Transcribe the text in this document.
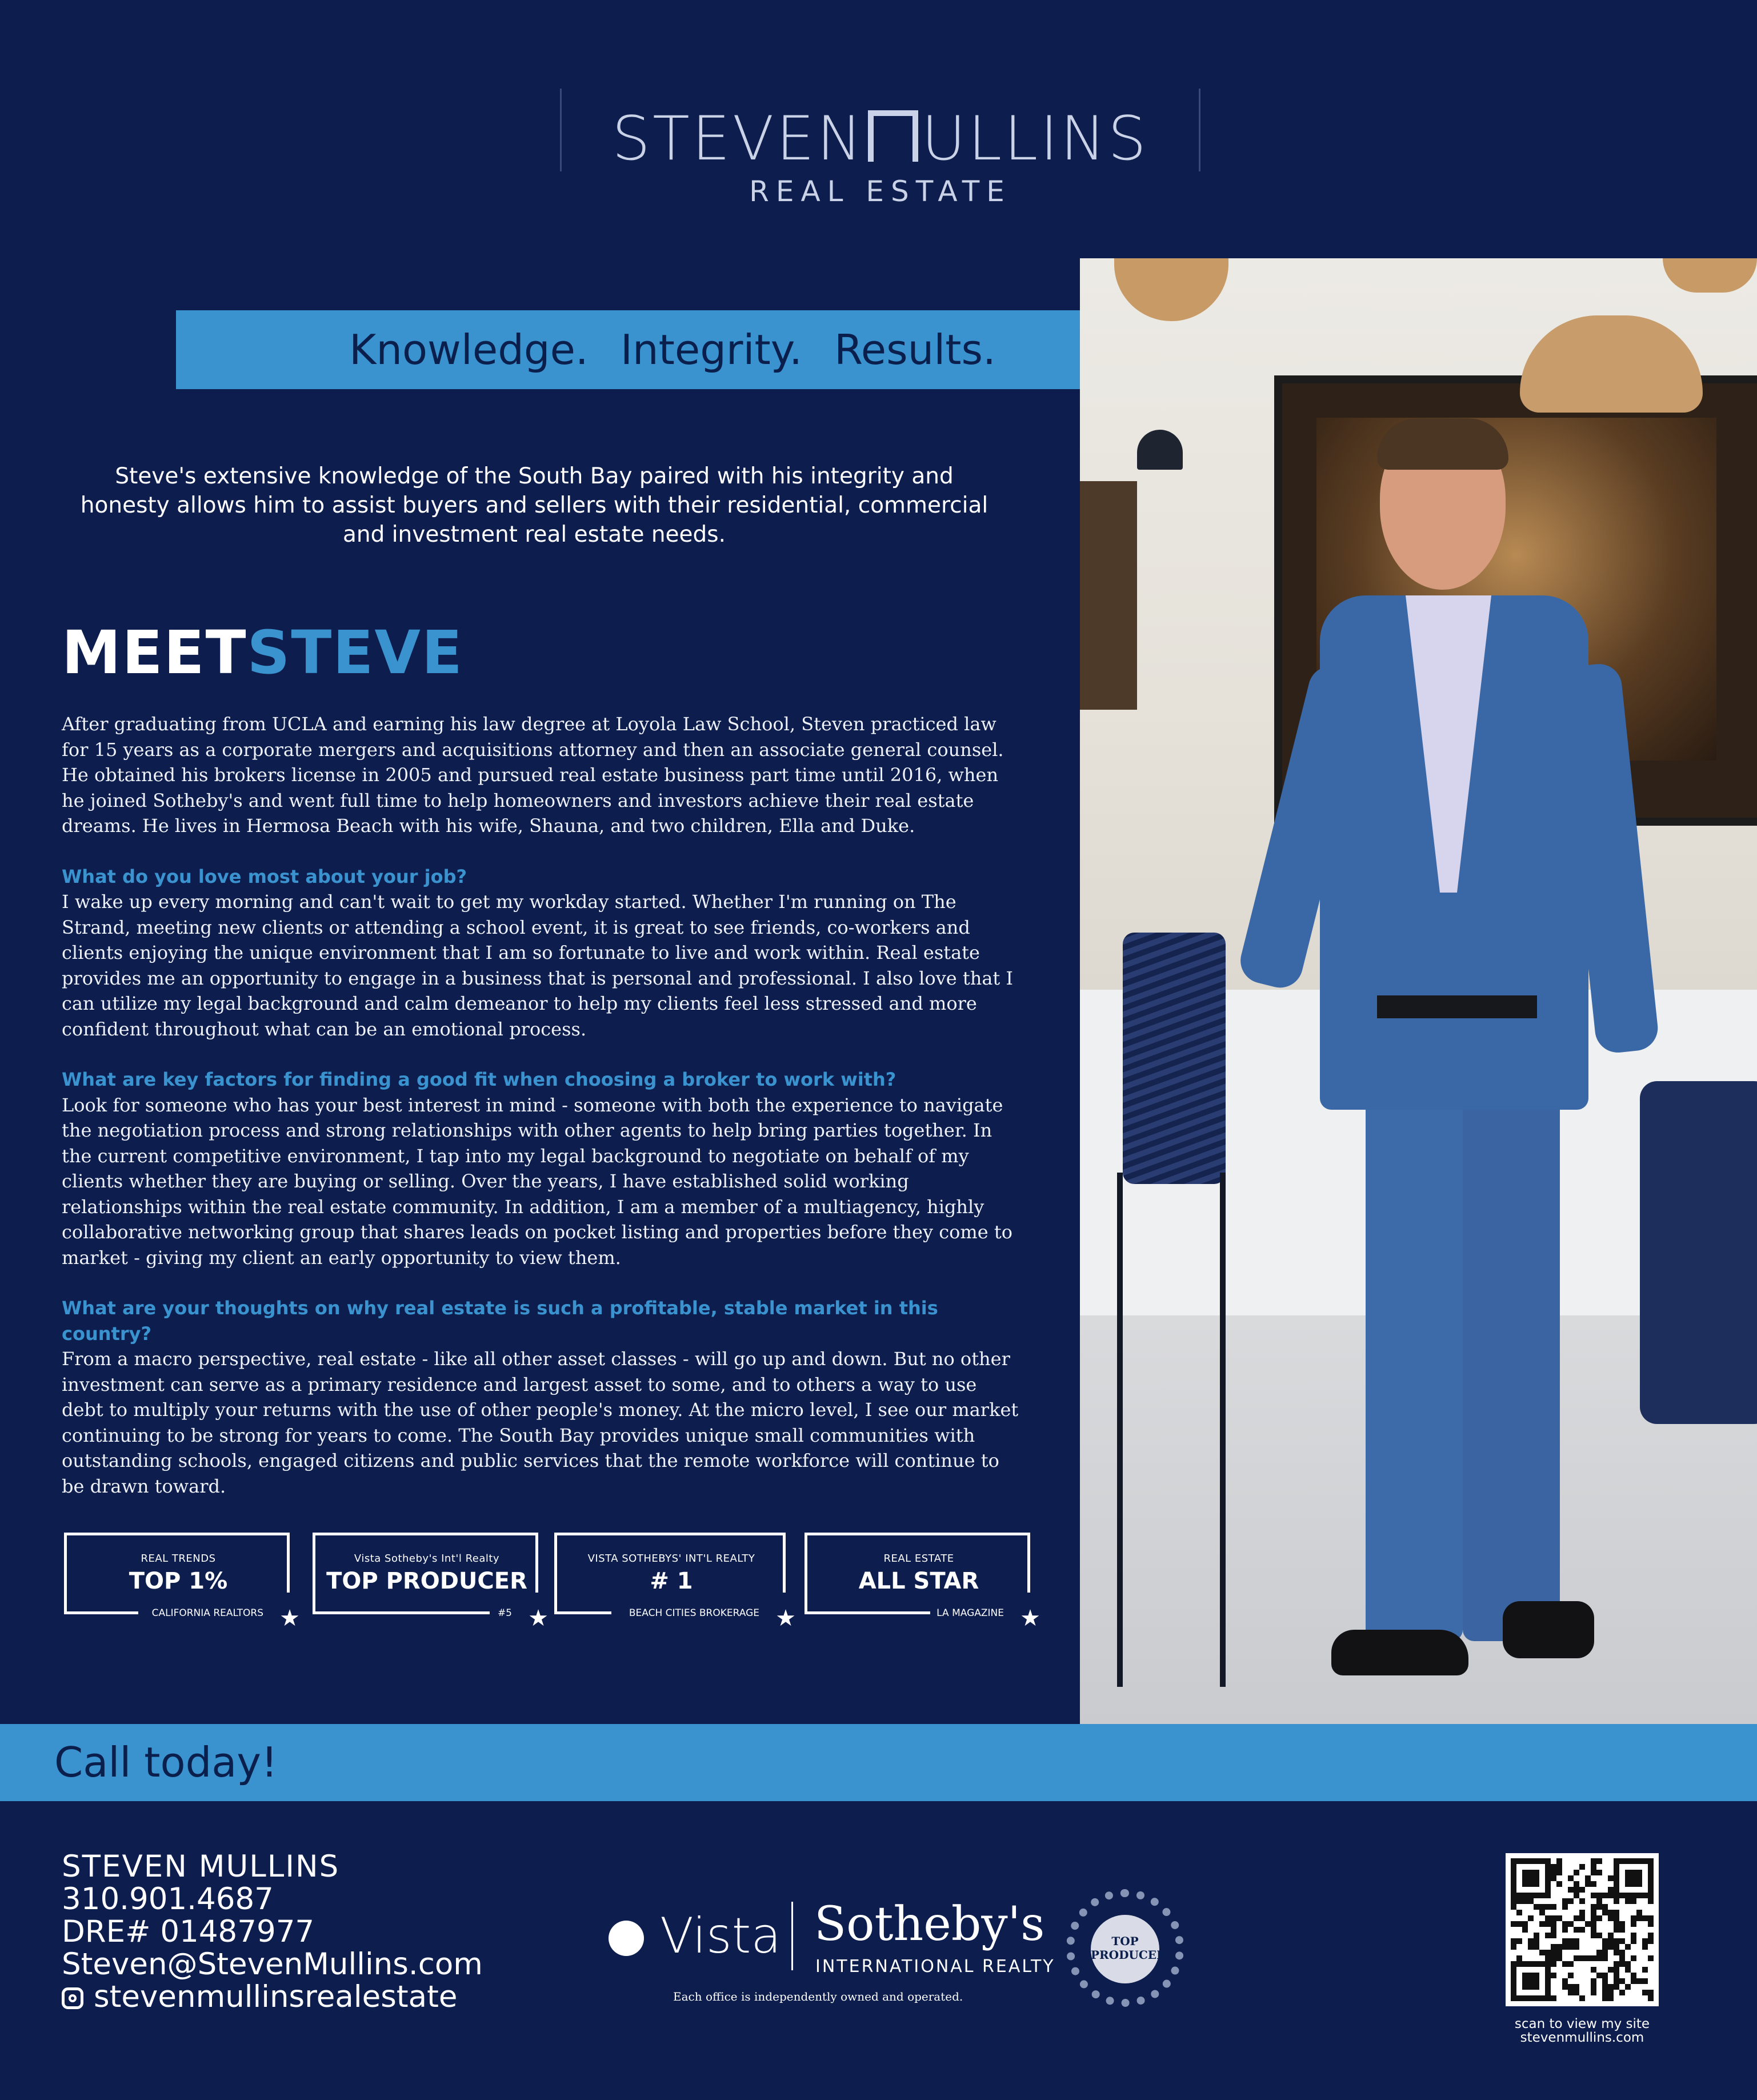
STEVEN ULLINS
REAL ESTATE
Knowledge. Integrity. Results.
Steve's extensive knowledge of the South Bay paired with his integrity and honesty allows him to assist buyers and sellers with their residential, commercial and investment real estate needs.
MEETSTEVE

After graduating from UCLA and earning his law degree at Loyola Law School, Steven practiced law for 15 years as a corporate mergers and acquisitions attorney and then an associate general counsel. He obtained his brokers license in 2005 and pursued real estate business part time until 2016, when he joined Sotheby's and went full time to help homeowners and investors achieve their real estate dreams. He lives in Hermosa Beach with his wife, Shauna, and two children, Ella and Duke.

What do you love most about your job?
I wake up every morning and can't wait to get my workday started. Whether I'm running on The Strand, meeting new clients or attending a school event, it is great to see friends, co-workers and clients enjoying the unique environment that I am so fortunate to live and work within. Real estate provides me an opportunity to engage in a business that is personal and professional. I also love that I can utilize my legal background and calm demeanor to help my clients feel less stressed and more confident throughout what can be an emotional process.
What are key factors for finding a good fit when choosing a broker to work with?
Look for someone who has your best interest in mind - someone with both the experience to navigate the negotiation process and strong relationships with other agents to help bring parties together. In the current competitive environment, I tap into my legal background to negotiate on behalf of my clients whether they are buying or selling. Over the years, I have established solid working relationships within the real estate community. In addition, I am a member of a multiagency, highly collaborative networking group that shares leads on pocket listing and properties before they come to market - giving my client an early opportunity to view them.
What are your thoughts on why real estate is such a profitable, stable market in this country?
From a macro perspective, real estate - like all other asset classes - will go up and down. But no other investment can serve as a primary residence and largest asset to some, and to others a way to use debt to multiply your returns with the use of other people's money. At the micro level, I see our market continuing to be strong for years to come. The South Bay provides unique small communities with outstanding schools, engaged citizens and public services that the remote workforce will continue to be drawn toward.
REAL TRENDS
TOP 1%
CALIFORNIA REALTORS ★
Vista Sotheby's Int'l Realty
TOP PRODUCER
#5 ★
VISTA SOTHEBYS' INT'L REALTY
# 1
BEACH CITIES BROKERAGE ★
REAL ESTATE
ALL STAR
LA MAGAZINE ★
Call today!
STEVEN MULLINS
310.901.4687
DRE# 01487977
Steven@StevenMullins.com
stevenmullinsrealestate
Vista Sotheby's
INTERNATIONAL REALTY
Each office is independently owned and operated.
TOP
PRODUCER
scan to view my site
stevenmullins.com
